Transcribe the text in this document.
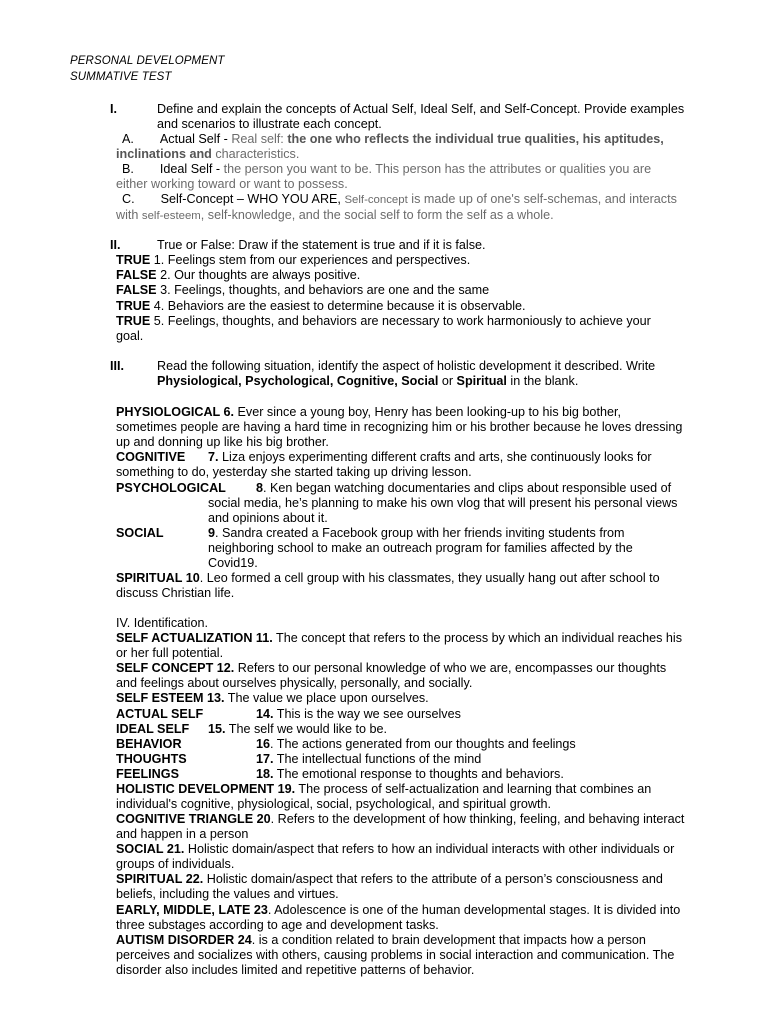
PERSONAL DEVELOPMENT
SUMMATIVE TEST
I.	Define and explain the concepts of Actual Self, Ideal Self, and Self-Concept. Provide examples

and scenarios to illustrate each concept.
A. Actual Self - Real self: the one who reflects the individual true qualities, his aptitudes,
inclinations and characteristics.
B. Ideal Self - the person you want to be. This person has the attributes or qualities you are
either working toward or want to possess.
C. Self-Concept – WHO YOU ARE, Self-concept is made up of one's self-schemas, and interacts
with self-esteem, self-knowledge, and the social self to form the self as a whole.
II.	True or False: Draw if the statement is true and if it is false.
TRUE 1. Feelings stem from our experiences and perspectives.
FALSE 2. Our thoughts are always positive.
FALSE 3. Feelings, thoughts, and behaviors are one and the same
TRUE 4. Behaviors are the easiest to determine because it is observable.
TRUE 5. Feelings, thoughts, and behaviors are necessary to work harmoniously to achieve your
goal.
III.	Read the following situation, identify the aspect of holistic development it described. Write
Physiological, Psychological, Cognitive, Social or Spiritual in the blank.
PHYSIOLOGICAL 6. Ever since a young boy, Henry has been looking-up to his big bother,
sometimes people are having a hard time in recognizing him or his brother because he loves dressing
up and donning up like his big brother.
COGNITIVE 7. Liza enjoys experimenting different crafts and arts, she continuously looks for
something to do, yesterday she started taking up driving lesson.
PSYCHOLOGICAL 8. Ken began watching documentaries and clips about responsible used of
social media, he’s planning to make his own vlog that will present his personal views
and opinions about it.
SOCIAL	9. Sandra created a Facebook group with her friends inviting students from
neighboring school to make an outreach program for families affected by the
Covid19.
SPIRITUAL 10. Leo formed a cell group with his classmates, they usually hang out after school to
discuss Christian life.
IV. Identification.
SELF ACTUALIZATION 11. The concept that refers to the process by which an individual reaches his
or her full potential.
SELF CONCEPT 12. Refers to our personal knowledge of who we are, encompasses our thoughts
and feelings about ourselves physically, personally, and socially.
SELF ESTEEM 13. The value we place upon ourselves.
ACTUAL SELF	14. This is the way we see ourselves
IDEAL SELF 15. The self we would like to be.
BEHAVIOR	16. The actions generated from our thoughts and feelings
THOUGHTS	17. The intellectual functions of the mind
FEELINGS	18. The emotional response to thoughts and behaviors.
HOLISTIC DEVELOPMENT 19. The process of self-actualization and learning that combines an
individual's cognitive, physiological, social, psychological, and spiritual growth.
COGNITIVE TRIANGLE 20. Refers to the development of how thinking, feeling, and behaving interact
and happen in a person
SOCIAL 21. Holistic domain/aspect that refers to how an individual interacts with other individuals or
groups of individuals.
SPIRITUAL 22. Holistic domain/aspect that refers to the attribute of a person’s consciousness and
beliefs, including the values and virtues.
EARLY, MIDDLE, LATE 23. Adolescence is one of the human developmental stages. It is divided into
three substages according to age and development tasks.
AUTISM DISORDER 24. is a condition related to brain development that impacts how a person
perceives and socializes with others, causing problems in social interaction and communication. The
disorder also includes limited and repetitive patterns of behavior.
